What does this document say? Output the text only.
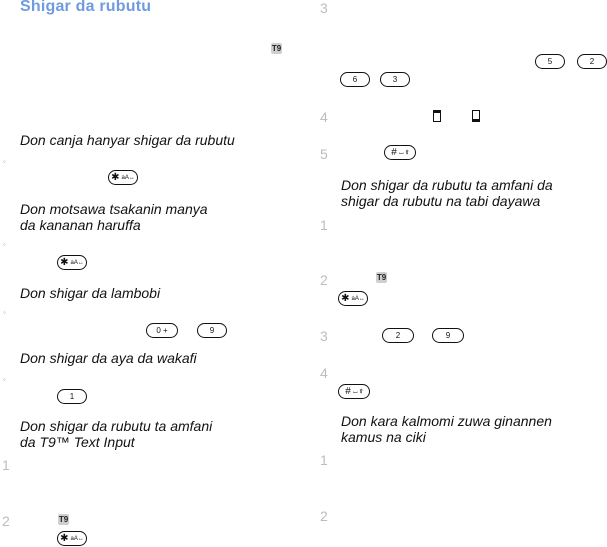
Shigar da rubutu
T9
Don canja hanyar shigar da rubutu
◦
✱ aA↔
Don motsawa tsakanin manya
da kananan haruffa
◦
✱ aA↔
Don shigar da lambobi
◦
0 +	9
Don shigar da aya da wakafi
◦
1
Don shigar da rubutu ta amfani
da T9™ Text Input
1
2	T9
✱ aA↔
3
5	2
6	3
4
5	# ⌴ ⇧
Don shigar da rubutu ta amfani da
shigar da rubutu na tabi dayawa
1
2	T9
✱ aA↔
3	2	9
4
# ⌴ ⇧
Don kara kalmomi zuwa ginannen
kamus na ciki
1
2
